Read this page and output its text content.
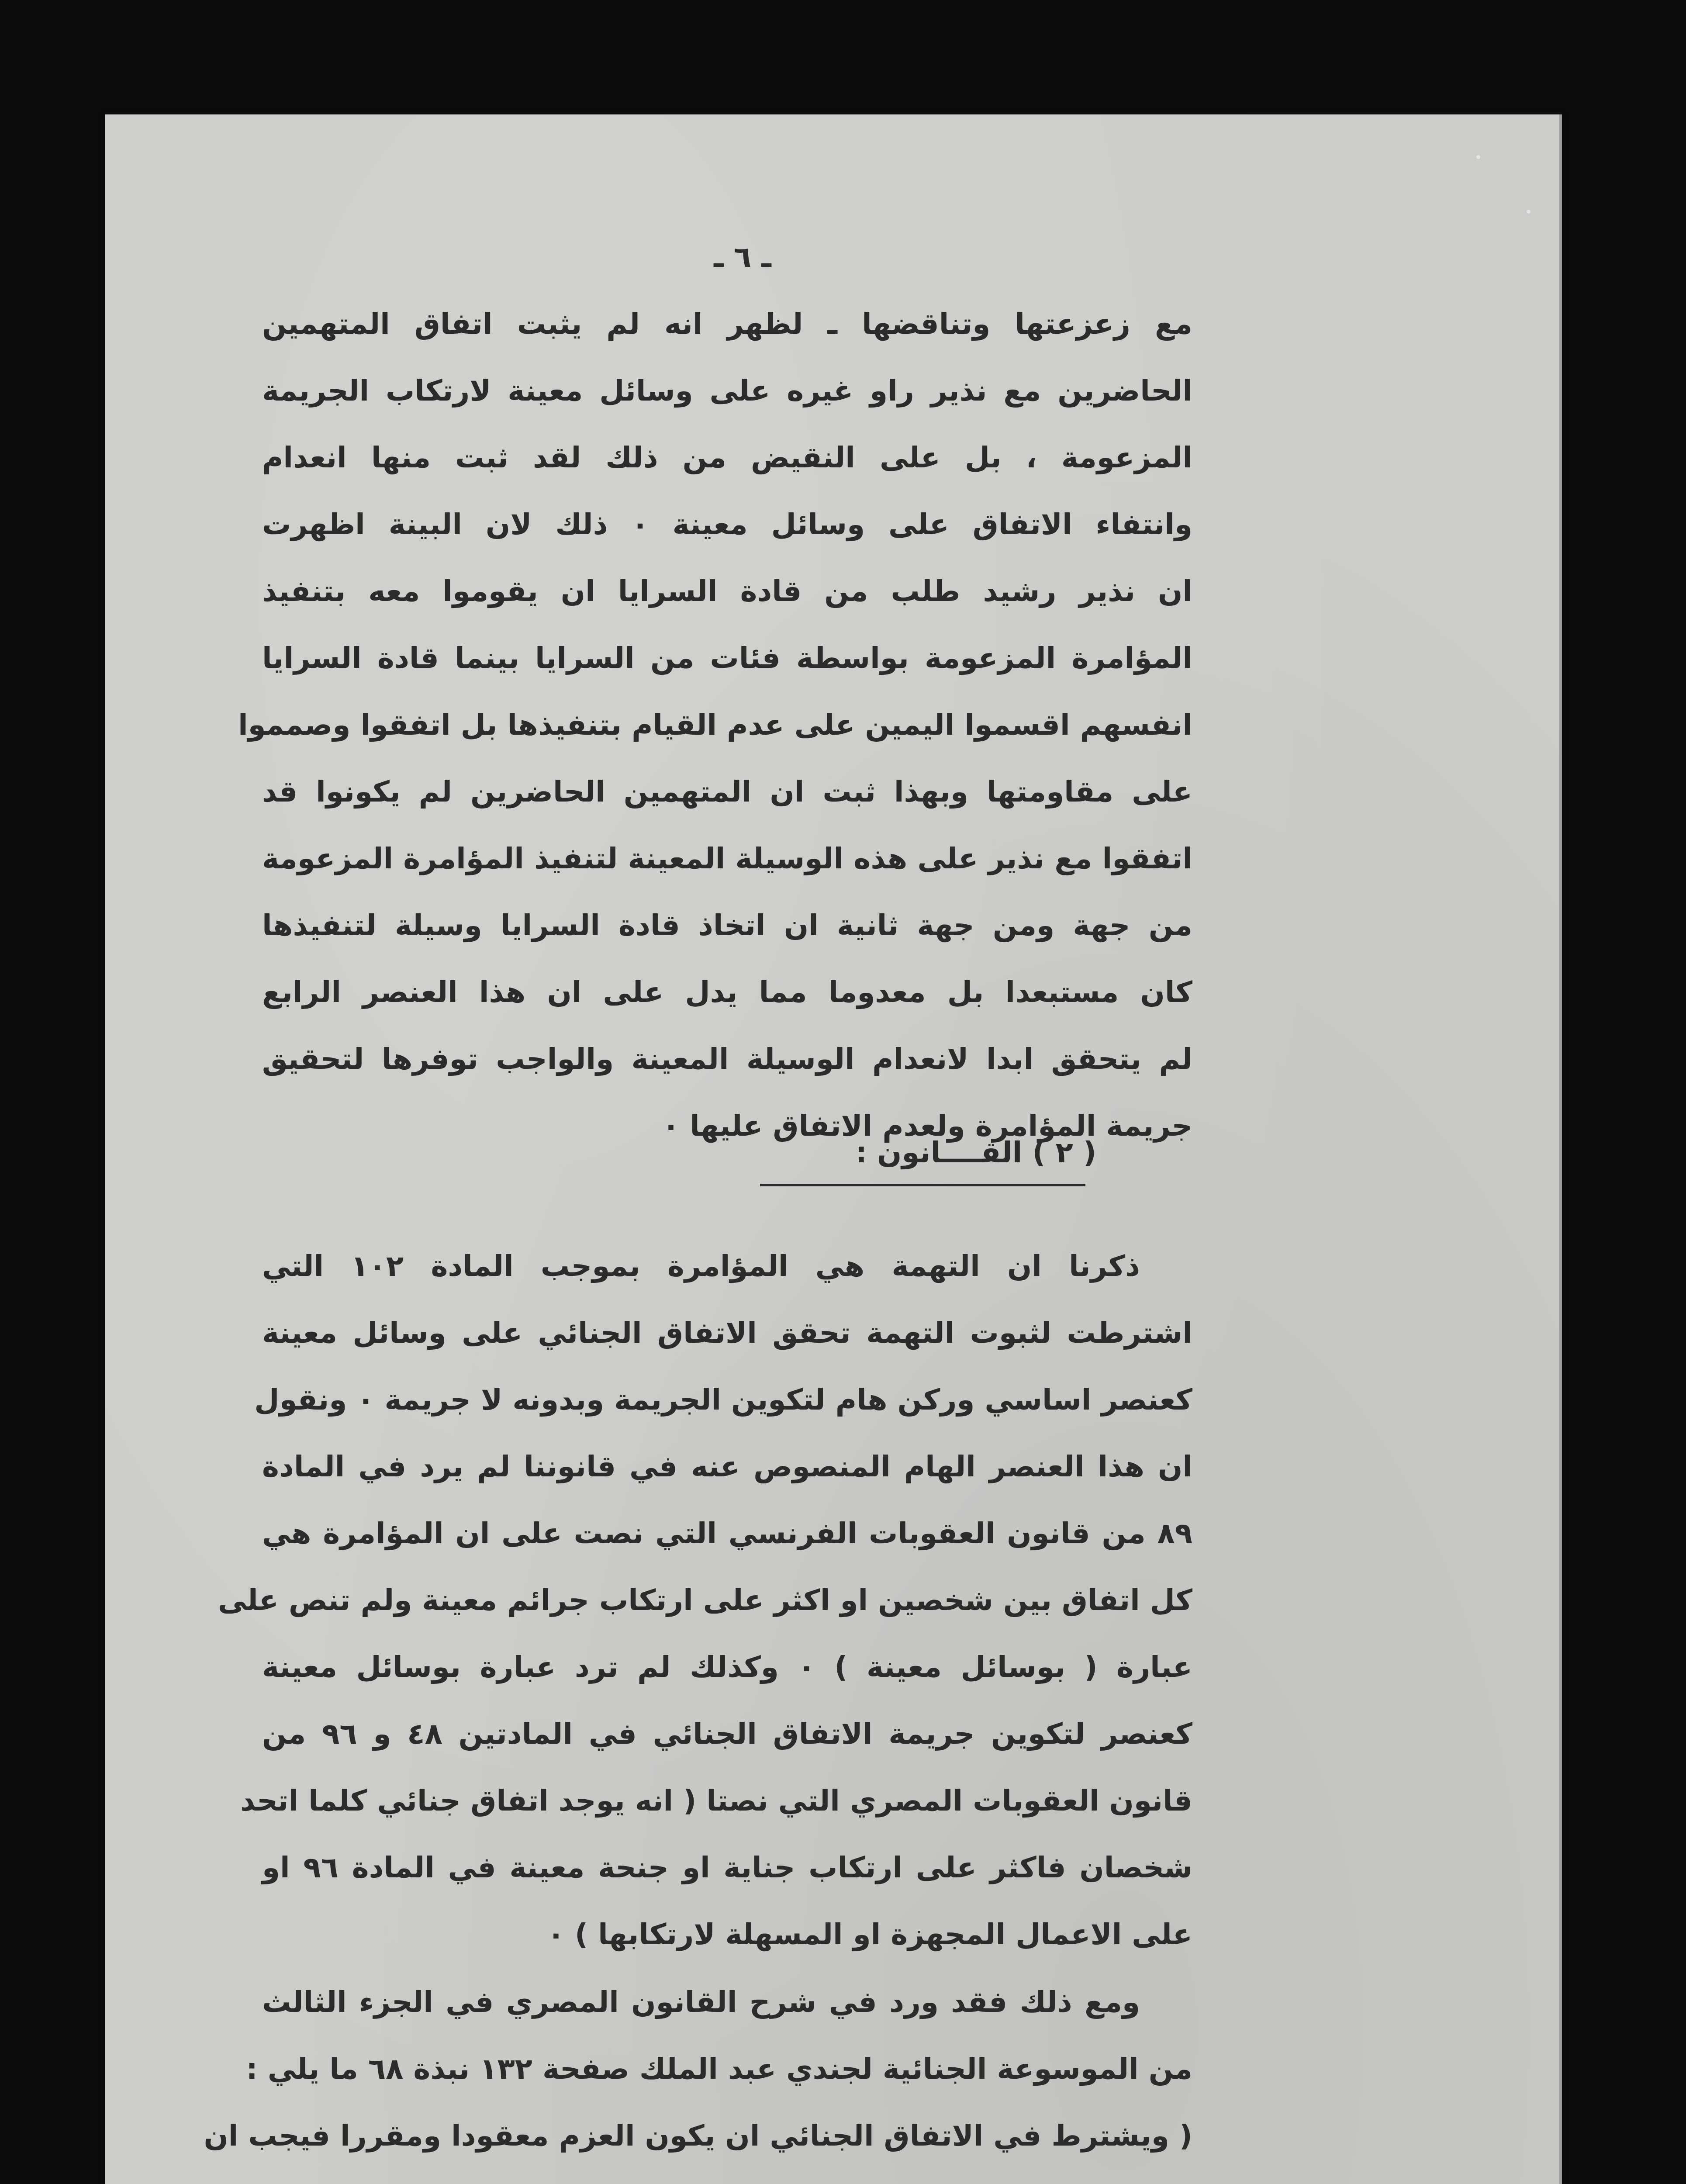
ـ ٦ ـ
مع زعزعتها وتناقضها ـ لظهر انه لم يثبت اتفاق المتهمين
الحاضرين مع نذير راو غيره على وسائل معينة لارتكاب الجريمة
المزعومة ، بل على النقيض من ذلك لقد ثبت منها انعدام
وانتفاء الاتفاق على وسائل معينة ٠ ذلك لان البينة اظهرت
ان نذير رشيد طلب من قادة السرايا ان يقوموا معه بتنفيذ
المؤامرة المزعومة بواسطة فئات من السرايا بينما قادة السرايا
انفسهم اقسموا اليمين على عدم القيام بتنفيذها بل اتفقوا وصمموا
على مقاومتها وبهذا ثبت ان المتهمين الحاضرين لم يكونوا قد
اتفقوا مع نذير على هذه الوسيلة المعينة لتنفيذ المؤامرة المزعومة
من جهة ومن جهة ثانية ان اتخاذ قادة السرايا وسيلة لتنفيذها
كان مستبعدا بل معدوما مما يدل على ان هذا العنصر الرابع
لم يتحقق ابدا لانعدام الوسيلة المعينة والواجب توفرها لتحقيق
جريمة المؤامرة ولعدم الاتفاق عليها ٠
( ٢ ) القــــانون :
ذكرنا ان التهمة هي المؤامرة بموجب المادة ١٠٢ التي
اشترطت لثبوت التهمة تحقق الاتفاق الجنائي على وسائل معينة
كعنصر اساسي وركن هام لتكوين الجريمة وبدونه لا جريمة ٠ ونقول
ان هذا العنصر الهام المنصوص عنه في قانوننا لم يرد في المادة
٨٩ من قانون العقوبات الفرنسي التي نصت على ان المؤامرة هي
كل اتفاق بين شخصين او اكثر على ارتكاب جرائم معينة ولم تنص على
عبارة ( بوسائل معينة ) ٠ وكذلك لم ترد عبارة بوسائل معينة
كعنصر لتكوين جريمة الاتفاق الجنائي في المادتين ٤٨ و ٩٦ من
قانون العقوبات المصري التي نصتا ( انه يوجد اتفاق جنائي كلما اتحد
شخصان فاكثر على ارتكاب جناية او جنحة معينة في المادة ٩٦ او
على الاعمال المجهزة او المسهلة لارتكابها ) ٠
ومع ذلك فقد ورد في شرح القانون المصري في الجزء الثالث
من الموسوعة الجنائية لجندي عبد الملك صفحة ١٣٢ نبذة ٦٨ ما يلي :
( ويشترط في الاتفاق الجنائي ان يكون العزم معقودا ومقررا فيجب ان
